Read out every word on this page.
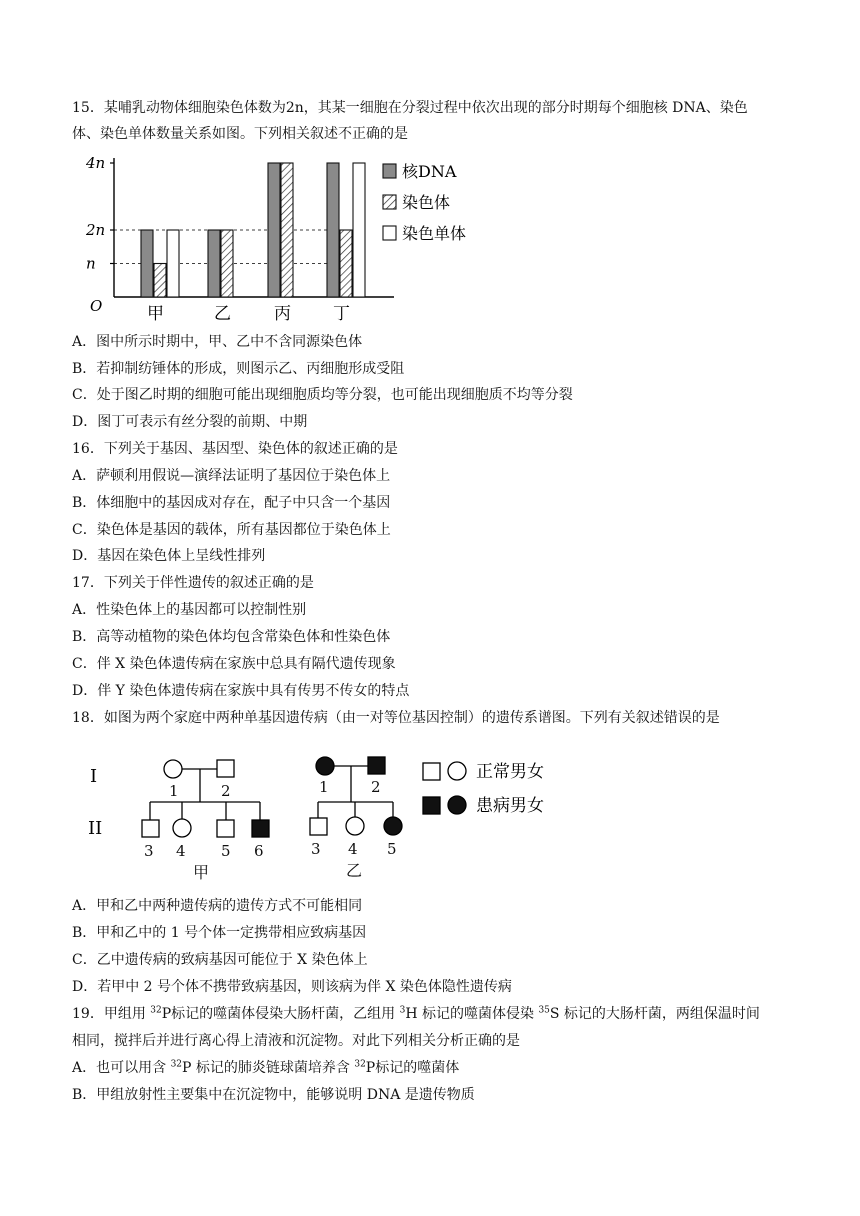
15．某哺乳动物体细胞染色体数为2n，其某一细胞在分裂过程中依次出现的部分时期每个细胞核 DNA、染色
体、染色单体数量关系如图。下列相关叙述不正确的是
O
n
2n
4n
甲	乙	丙 丁
核DNA
染色体
染色单体
A．图中所示时期中，甲、乙中不含同源染色体
B．若抑制纺锤体的形成，则图示乙、丙细胞形成受阻
C．处于图乙时期的细胞可能出现细胞质均等分裂，也可能出现细胞质不均等分裂
D．图丁可表示有丝分裂的前期、中期
16．下列关于基因、基因型、染色体的叙述正确的是
A．萨顿利用假说—演绎法证明了基因位于染色体上
B．体细胞中的基因成对存在，配子中只含一个基因
C．染色体是基因的载体，所有基因都位于染色体上
D．基因在染色体上呈线性排列
17．下列关于伴性遗传的叙述正确的是
A．性染色体上的基因都可以控制性别
B．高等动植物的染色体均包含常染色体和性染色体
C．伴 X 染色体遗传病在家族中总具有隔代遗传现象
D．伴 Y 染色体遗传病在家族中具有传男不传女的特点
18．如图为两个家庭中两种单基因遗传病（由一对等位基因控制）的遗传系谱图。下列有关叙述错误的是
I
II
1	2
3 4 5 6
甲
1	2
3 4 5
乙
正常男女
患病男女
A．甲和乙中两种遗传病的遗传方式不可能相同
B．甲和乙中的 1 号个体一定携带相应致病基因
C．乙中遗传病的致病基因可能位于 X 染色体上
D．若甲中 2 号个体不携带致病基因，则该病为伴 X 染色体隐性遗传病
19．甲组用 $^{32}$P标记的噬菌体侵染大肠杆菌，乙组用 $^3$H 标记的噬菌体侵染 $^{35}$S 标记的大肠杆菌，两组保温时间
相同，搅拌后并进行离心得上清液和沉淀物。对此下列相关分析正确的是
A．也可以用含 $^{32}$P 标记的肺炎链球菌培养含 $^{32}$P标记的噬菌体
B．甲组放射性主要集中在沉淀物中，能够说明 DNA 是遗传物质
